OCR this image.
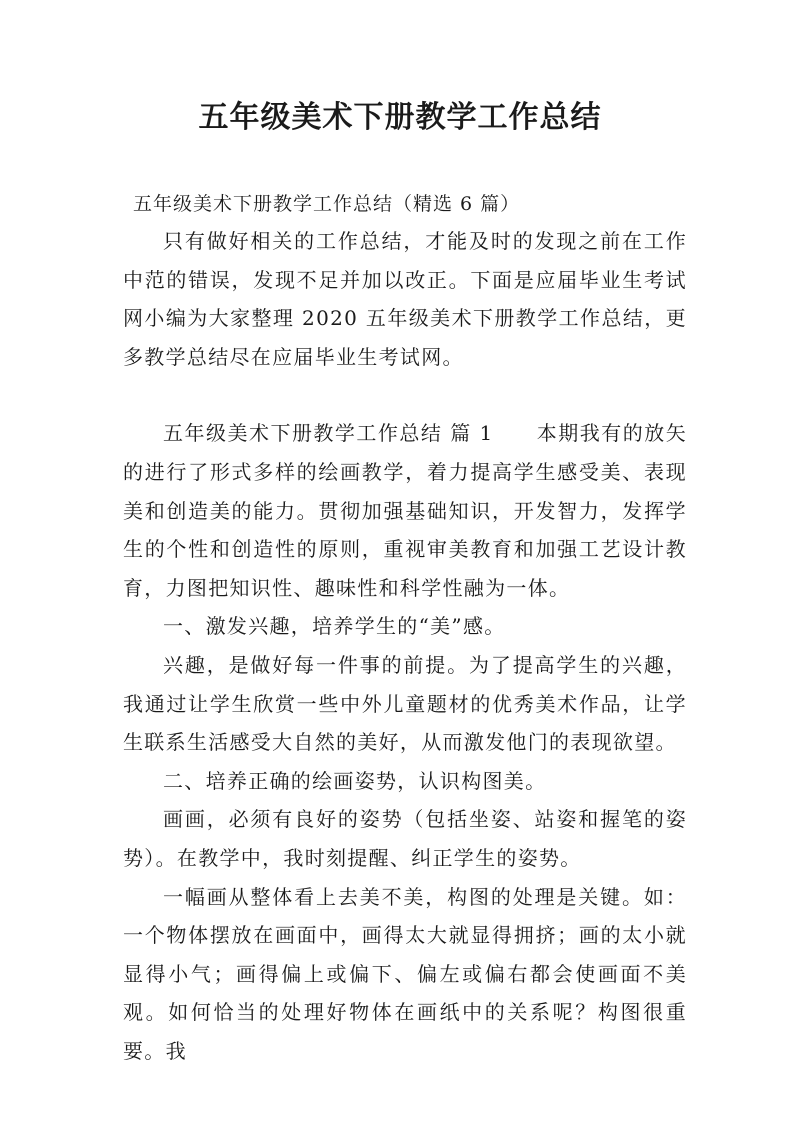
五年级美术下册教学工作总结

五年级美术下册教学工作总结（精选 6 篇）

只有做好相关的工作总结，才能及时的发现之前在工作中范的错误，发现不足并加以改正。下面是应届毕业生考试网小编为大家整理 2020 五年级美术下册教学工作总结，更多教学总结尽在应届毕业生考试网。

五年级美术下册教学工作总结 篇 1　　本期我有的放矢的进行了形式多样的绘画教学，着力提高学生感受美、表现美和创造美的能力。贯彻加强基础知识，开发智力，发挥学生的个性和创造性的原则，重视审美教育和加强工艺设计教育，力图把知识性、趣味性和科学性融为一体。

一、激发兴趣，培养学生的“美”感。

兴趣，是做好每一件事的前提。为了提高学生的兴趣，我通过让学生欣赏一些中外儿童题材的优秀美术作品，让学生联系生活感受大自然的美好，从而激发他门的表现欲望。

二、培养正确的绘画姿势，认识构图美。

画画，必须有良好的姿势（包括坐姿、站姿和握笔的姿势）。在教学中，我时刻提醒、纠正学生的姿势。

一幅画从整体看上去美不美，构图的处理是关键。如：一个物体摆放在画面中，画得太大就显得拥挤；画的太小就显得小气；画得偏上或偏下、偏左或偏右都会使画面不美观。如何恰当的处理好物体在画纸中的关系呢？构图很重要。我
